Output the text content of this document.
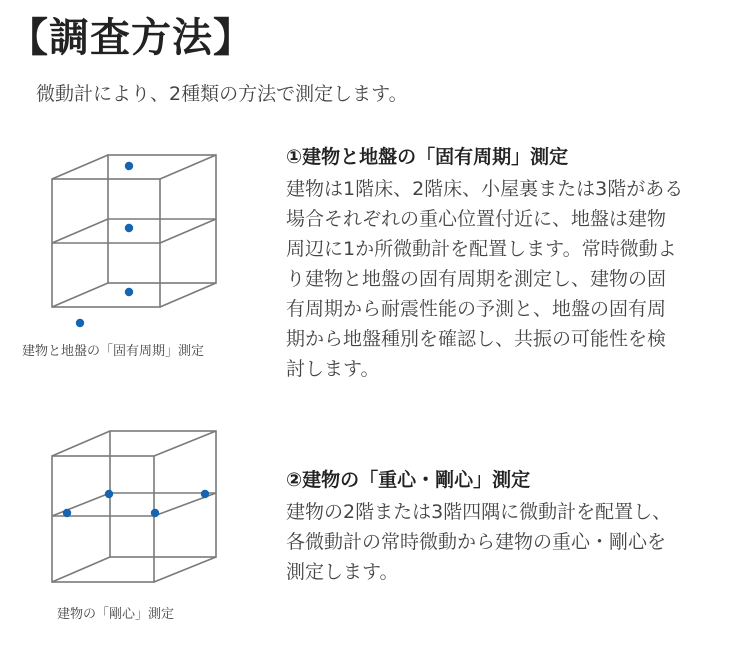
【調査方法】
微動計により、2種類の方法で測定します。
建物と地盤の「固有周期」測定
①建物と地盤の「固有周期」測定
建物は1階床、2階床、小屋裏または3階がある
場合それぞれの重心位置付近に、地盤は建物
周辺に1か所微動計を配置します。常時微動よ
り建物と地盤の固有周期を測定し、建物の固
有周期から耐震性能の予測と、地盤の固有周
期から地盤種別を確認し、共振の可能性を検
討します。
建物の「剛心」測定
②建物の「重心・剛心」測定
建物の2階または3階四隅に微動計を配置し、
各微動計の常時微動から建物の重心・剛心を
測定します。
